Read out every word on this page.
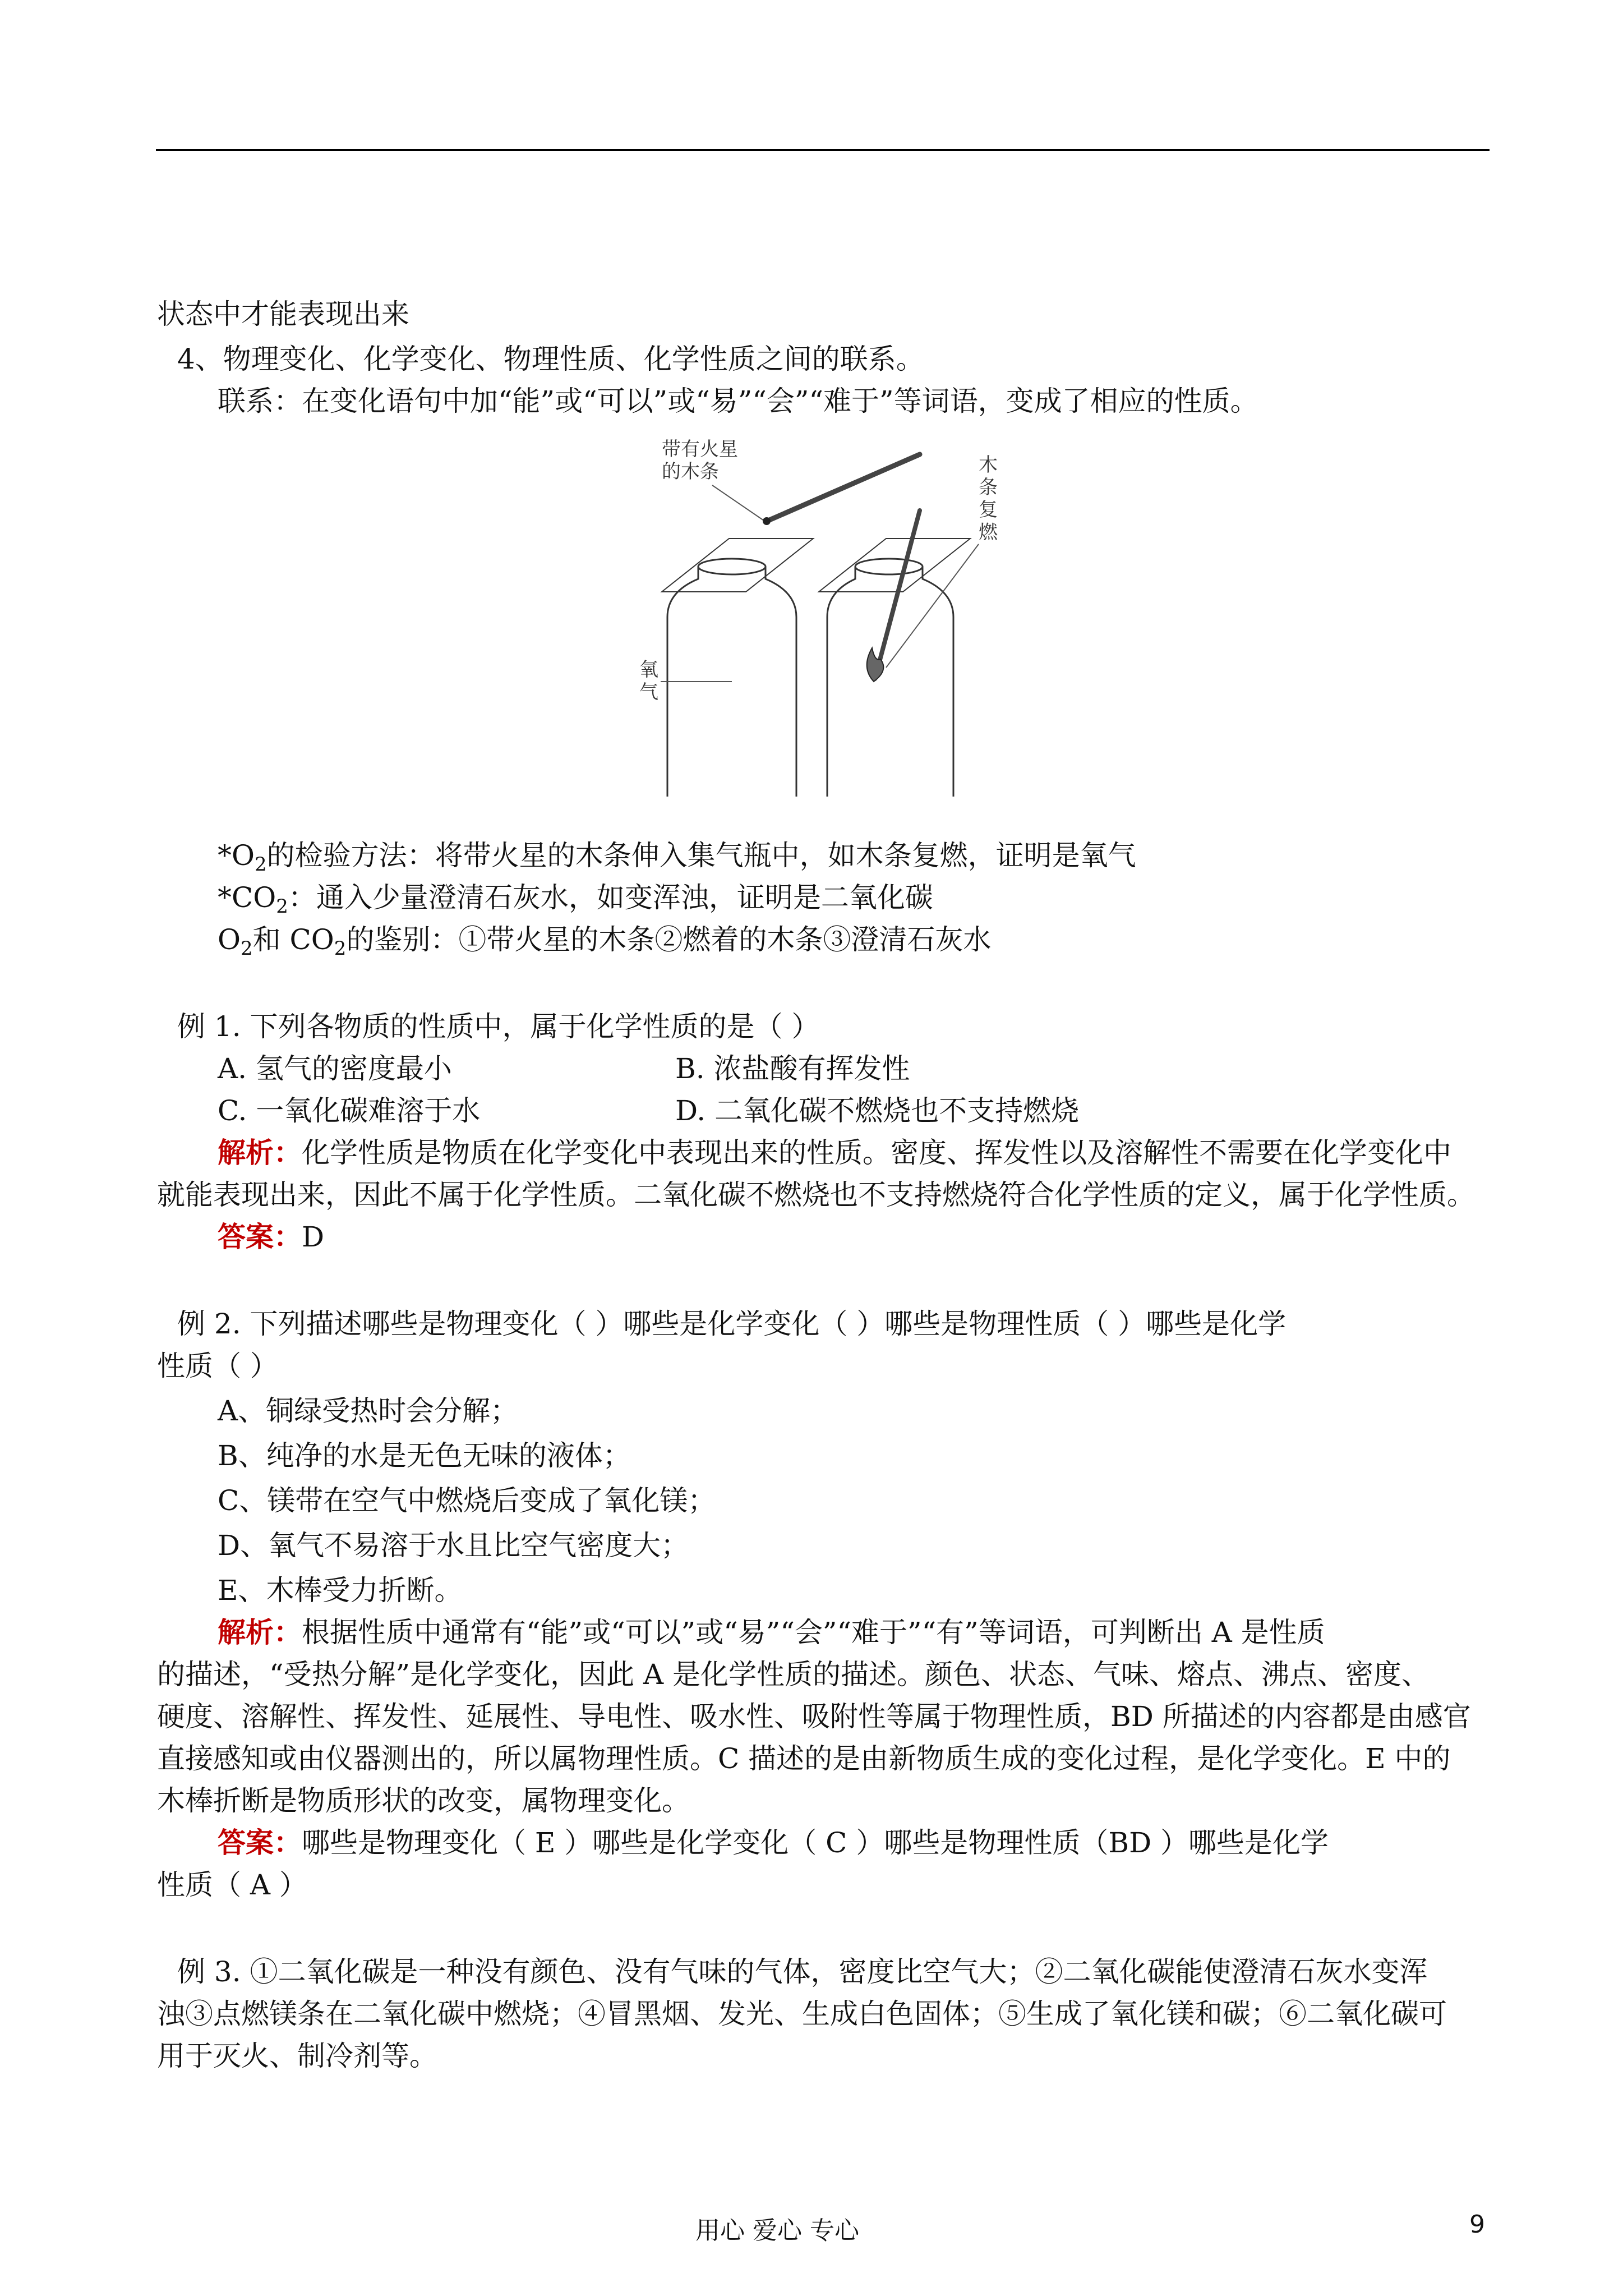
状态中才能表现出来
4、物理变化、化学变化、物理性质、化学性质之间的联系。
联系：在变化语句中加“能”或“可以”或“易”“会”“难于”等词语，变成了相应的性质。
带有火星
的木条
氧
气
木
条
复
燃
$*O_2$的检验方法：将带火星的木条伸入集气瓶中，如木条复燃，证明是氧气
$*CO_2$：通入少量澄清石灰水，如变浑浊，证明是二氧化碳
$O_2$和 $CO_2$的鉴别：①带火星的木条②燃着的木条③澄清石灰水
例 1. 下列各物质的性质中，属于化学性质的是（ ）
A. 氢气的密度最小	B. 浓盐酸有挥发性
C. 一氧化碳难溶于水	D. 二氧化碳不燃烧也不支持燃烧
解析：化学性质是物质在化学变化中表现出来的性质。密度、挥发性以及溶解性不需要在化学变化中
就能表现出来，因此不属于化学性质。二氧化碳不燃烧也不支持燃烧符合化学性质的定义，属于化学性质。
答案：D
例 2. 下列描述哪些是物理变化（ ）哪些是化学变化（ ）哪些是物理性质（ ）哪些是化学
性质（ ）
A、铜绿受热时会分解；
B、纯净的水是无色无味的液体；
C、镁带在空气中燃烧后变成了氧化镁；
D、氧气不易溶于水且比空气密度大；
E、木棒受力折断。
解析：根据性质中通常有“能”或“可以”或“易”“会”“难于”“有”等词语，可判断出 A 是性质
的描述，“受热分解”是化学变化，因此 A 是化学性质的描述。颜色、状态、气味、熔点、沸点、密度、
硬度、溶解性、挥发性、延展性、导电性、吸水性、吸附性等属于物理性质，BD 所描述的内容都是由感官
直接感知或由仪器测出的，所以属物理性质。C 描述的是由新物质生成的变化过程，是化学变化。E 中的
木棒折断是物质形状的改变，属物理变化。
答案：哪些是物理变化（ E ）哪些是化学变化（ C ）哪些是物理性质（BD ）哪些是化学
性质（ A ）
例 3. ①二氧化碳是一种没有颜色、没有气味的气体，密度比空气大；②二氧化碳能使澄清石灰水变浑
浊③点燃镁条在二氧化碳中燃烧；④冒黑烟、发光、生成白色固体；⑤生成了氧化镁和碳；⑥二氧化碳可
用于灭火、制冷剂等。
用心 爱心 专心	9
